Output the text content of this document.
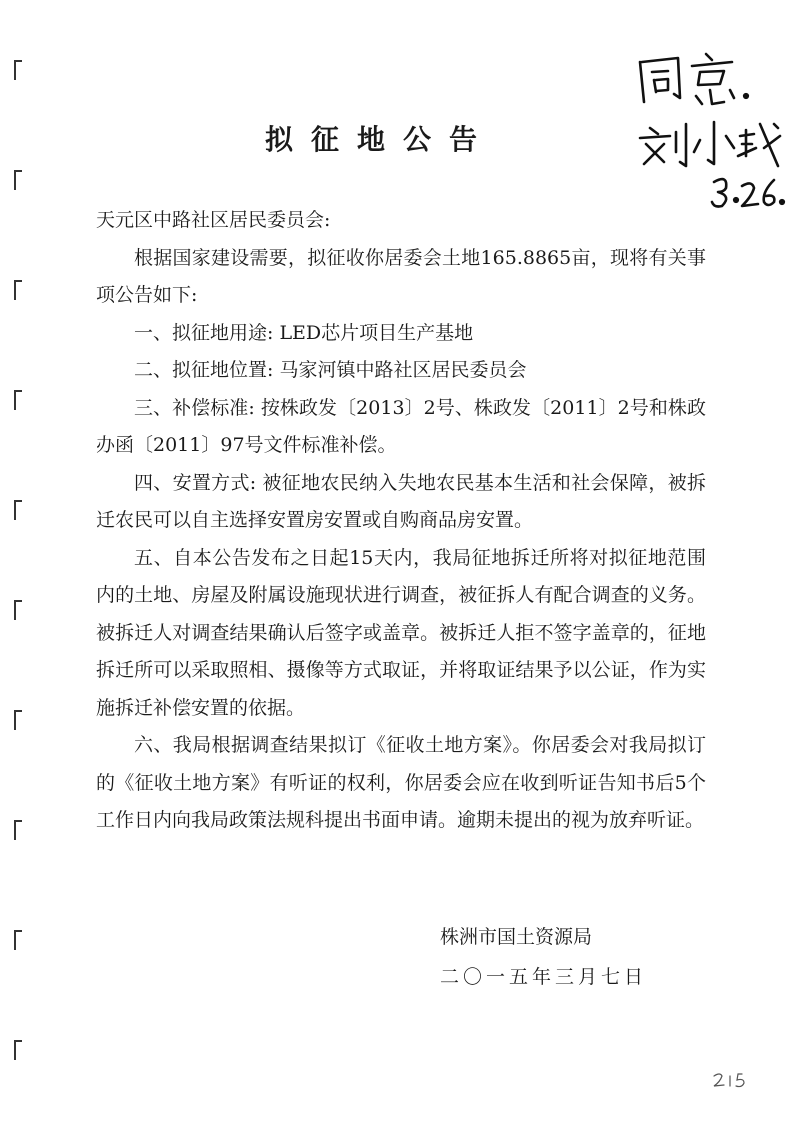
拟征地公告

天元区中路社区居民委员会:

根据国家建设需要，拟征收你居委会土地165.8865亩，现将有关事项公告如下:

一、拟征地用途: LED芯片项目生产基地

二、拟征地位置: 马家河镇中路社区居民委员会

三、补偿标准: 按株政发〔2013〕2号、株政发〔2011〕2号和株政办函〔2011〕97号文件标准补偿。

四、安置方式: 被征地农民纳入失地农民基本生活和社会保障，被拆迁农民可以自主选择安置房安置或自购商品房安置。

五、自本公告发布之日起15天内，我局征地拆迁所将对拟征地范围内的土地、房屋及附属设施现状进行调查，被征拆人有配合调查的义务。被拆迁人对调查结果确认后签字或盖章。被拆迁人拒不签字盖章的，征地拆迁所可以采取照相、摄像等方式取证，并将取证结果予以公证，作为实施拆迁补偿安置的依据。

六、我局根据调查结果拟订《征收土地方案》。你居委会对我局拟订的《征收土地方案》有听证的权利，你居委会应在收到听证告知书后5个工作日内向我局政策法规科提出书面申请。逾期未提出的视为放弃听证。

株洲市国土资源局
二〇一五年三月七日
